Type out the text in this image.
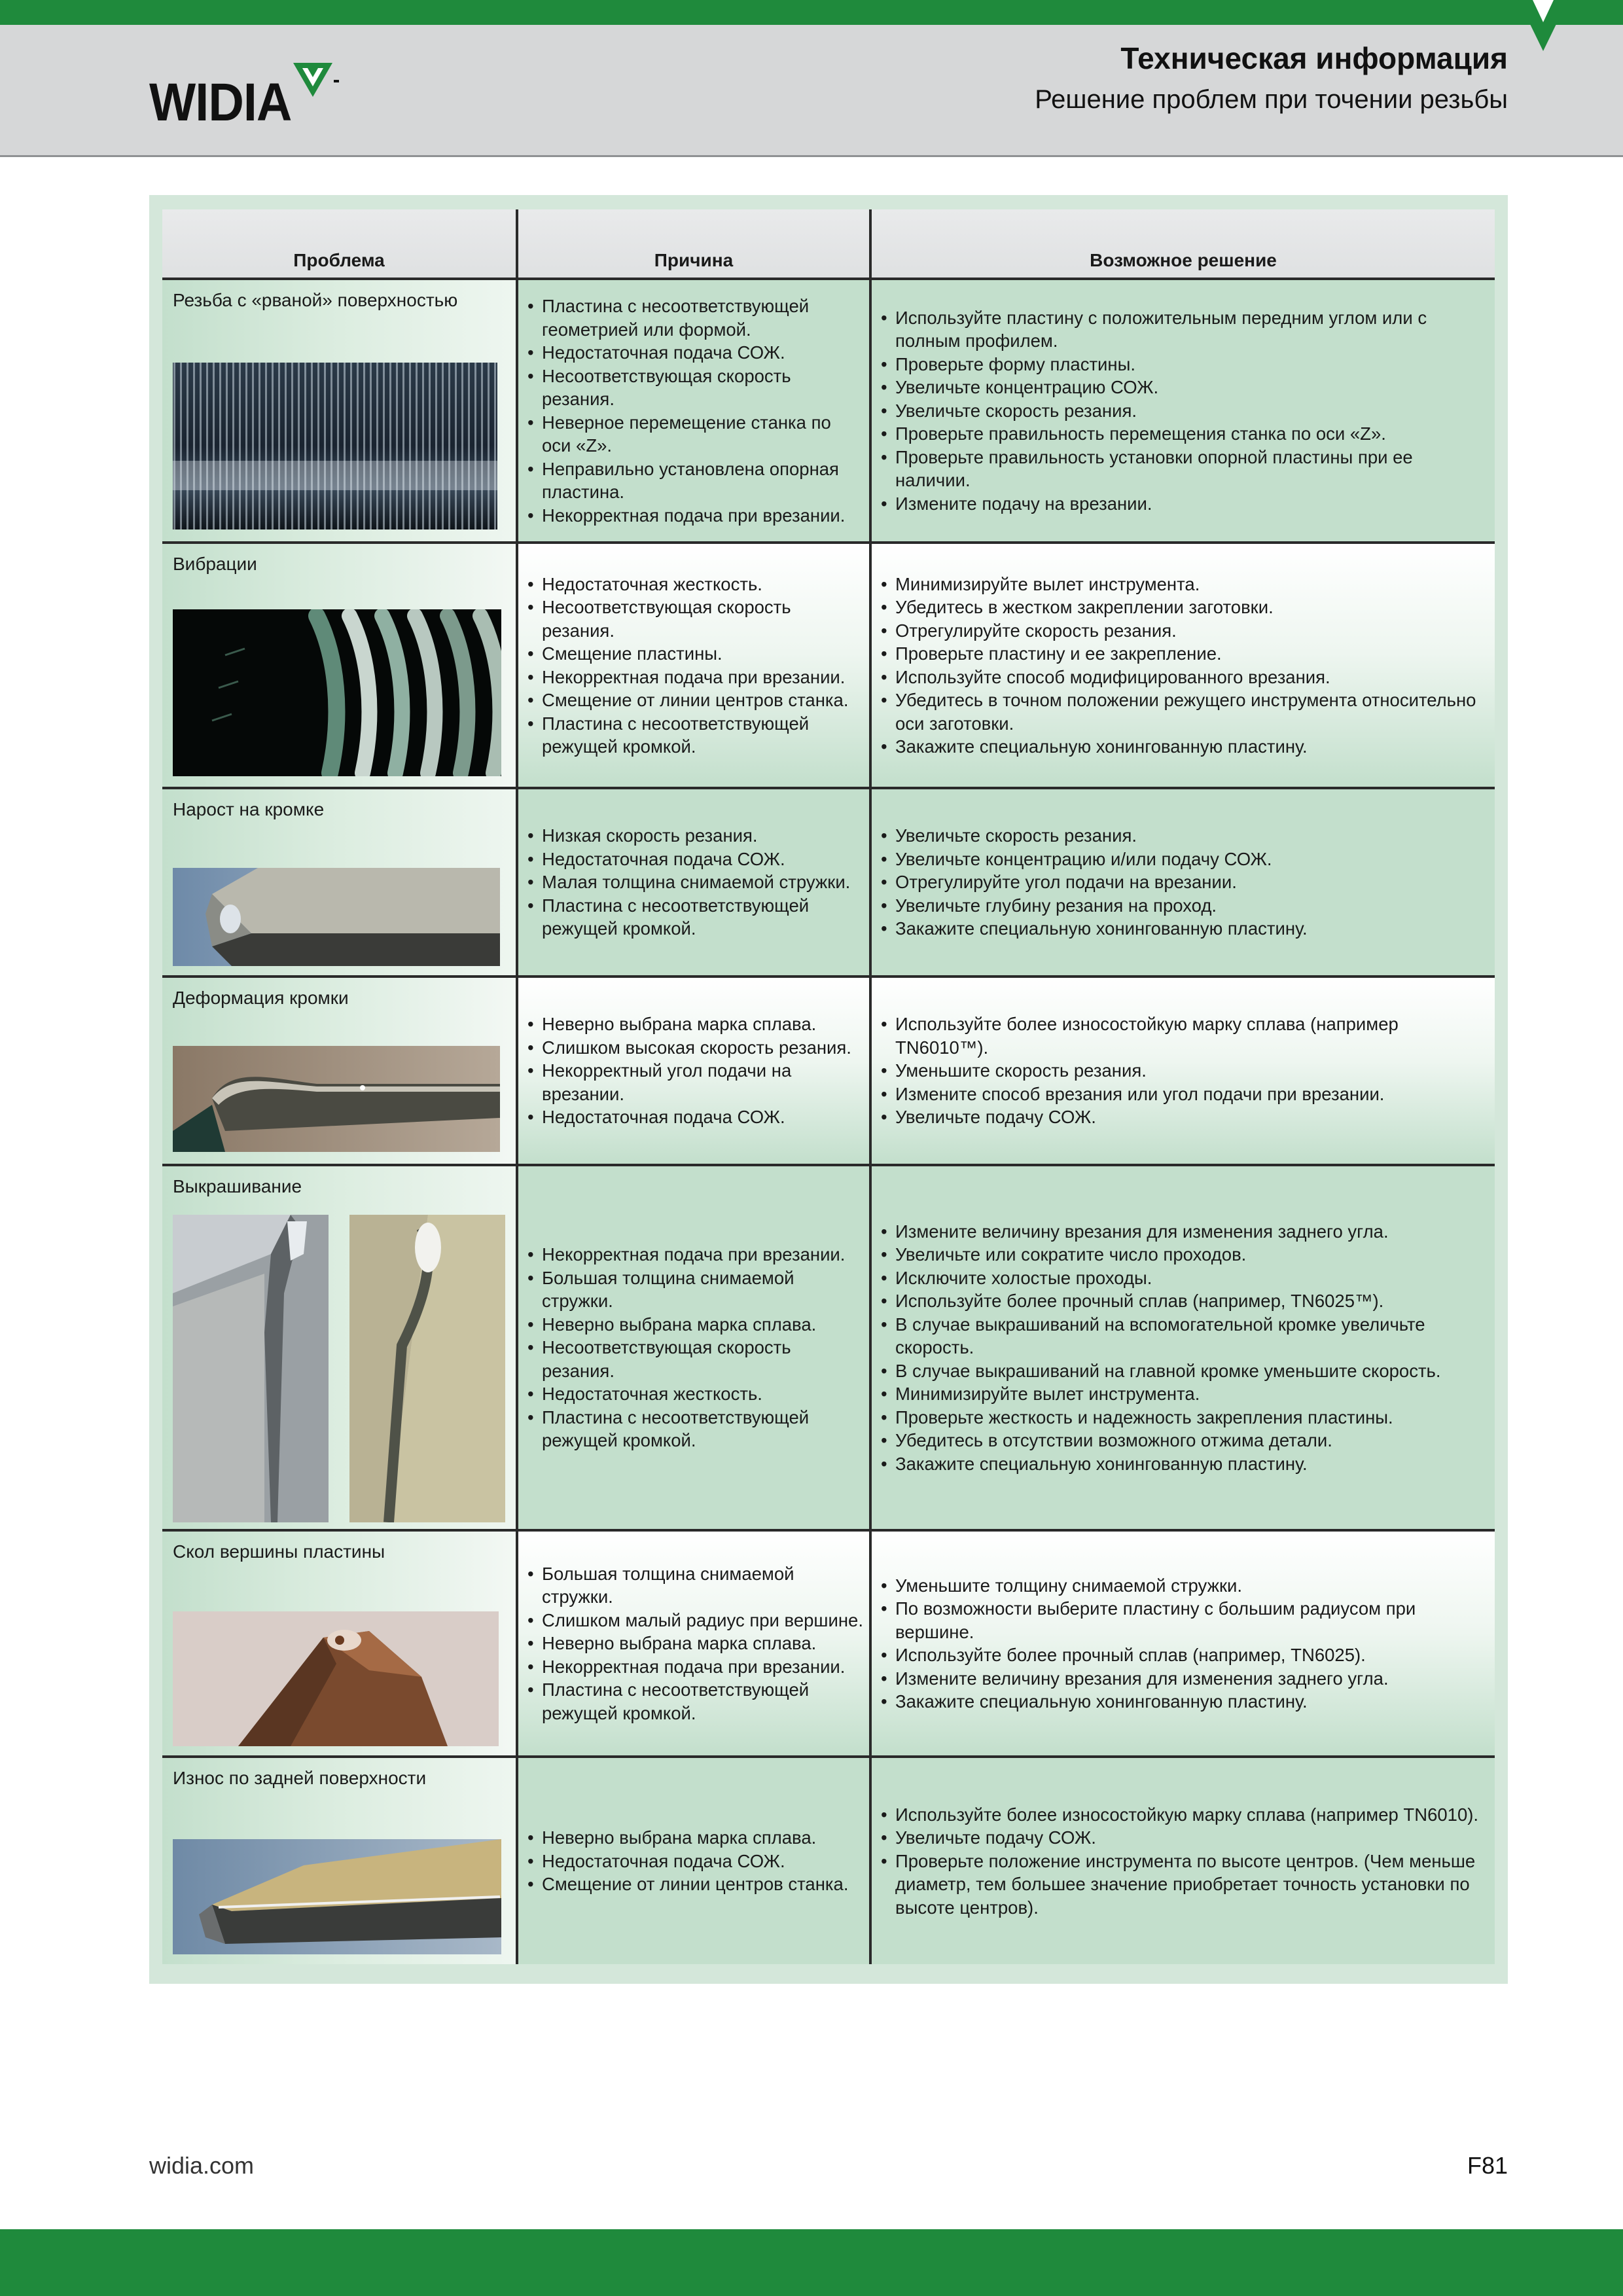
WIDIA
Техническая информация
Решение проблем при точении резьбы
Проблема	Причина	Возможное решение
Резьба с «рваной» поверхностью
•	Пластина с несоответствующей геометрией или формой.
• Недостаточная подача СОЖ.
• Несоответствующая скорость резания.
• Неверное перемещение станка по оси «Z».
• Неправильно установлена опорная пластина.
• Некорректная подача при врезании.
• Используйте пластину с положительным передним углом или с полным профилем.
• Проверьте форму пластины.
• Увеличьте концентрацию СОЖ.
• Увеличьте скорость резания.
• Проверьте правильность перемещения станка по оси «Z».
• Проверьте правильность установки опорной пластины при ее наличии.
• Измените подачу на врезании.
Вибрации
• Недостаточная жесткость.
• Несоответствующая скорость резания.
• Смещение пластины.
• Некорректная подача при врезании.
• Смещение от линии центров станка.
• Пластина с несоответствующей режущей кромкой.
• Минимизируйте вылет инструмента.
• Убедитесь в жестком закреплении заготовки.
• Отрегулируйте скорость резания.
• Проверьте пластину и ее закрепление.
• Используйте способ модифицированного врезания.
• Убедитесь в точном положении режущего инструмента относительно оси заготовки.
• Закажите специальную хонингованную пластину.
Нарост на кромке
• Низкая скорость резания.
• Недостаточная подача СОЖ.
• Малая толщина снимаемой стружки.
• Пластина с несоответствующей режущей кромкой.
• Увеличьте скорость резания.
• Увеличьте концентрацию и/или подачу СОЖ.
• Отрегулируйте угол подачи на врезании.
• Увеличьте глубину резания на проход.
• Закажите специальную хонингованную пластину.
Деформация кромки
• Неверно выбрана марка сплава.
• Слишком высокая скорость резания.
• Некорректный угол подачи на врезании.
• Недостаточная подача СОЖ.
• Используйте более износостойкую марку сплава (например TN6010™).
• Уменьшите скорость резания.
• Измените способ врезания или угол подачи при врезании.
• Увеличьте подачу СОЖ.
Выкрашивание
• Некорректная подача при врезании.
• Большая толщина снимаемой стружки.
• Неверно выбрана марка сплава.
• Несоответствующая скорость резания.
• Недостаточная жесткость.
• Пластина с несоответствующей режущей кромкой.
• Измените величину врезания для изменения заднего угла.
• Увеличьте или сократите число проходов.
• Исключите холостые проходы.
• Используйте более прочный сплав (например, TN6025™).
• В случае выкрашиваний на вспомогательной кромке увеличьте скорость.
• В случае выкрашиваний на главной кромке уменьшите скорость.
• Минимизируйте вылет инструмента.
• Проверьте жесткость и надежность закрепления пластины.
• Убедитесь в отсутствии возможного отжима детали.
• Закажите специальную хонингованную пластину.
Скол вершины пластины
• Большая толщина снимаемой стружки.
• Слишком малый радиус при вершине.
• Неверно выбрана марка сплава.
• Некорректная подача при врезании.
• Пластина с несоответствующей режущей кромкой.
• Уменьшите толщину снимаемой стружки.
• По возможности выберите пластину с большим радиусом при вершине.
• Используйте более прочный сплав (например, TN6025).
• Измените величину врезания для изменения заднего угла.
• Закажите специальную хонингованную пластину.
Износ по задней поверхности
• Неверно выбрана марка сплава.
• Недостаточная подача СОЖ.
• Смещение от линии центров станка.
• Используйте более износостойкую марку сплава (например TN6010).
• Увеличьте подачу СОЖ.
• Проверьте положение инструмента по высоте центров. (Чем меньше диаметр, тем большее значение приобретает точность установки по высоте центров).
widia.com	F81
